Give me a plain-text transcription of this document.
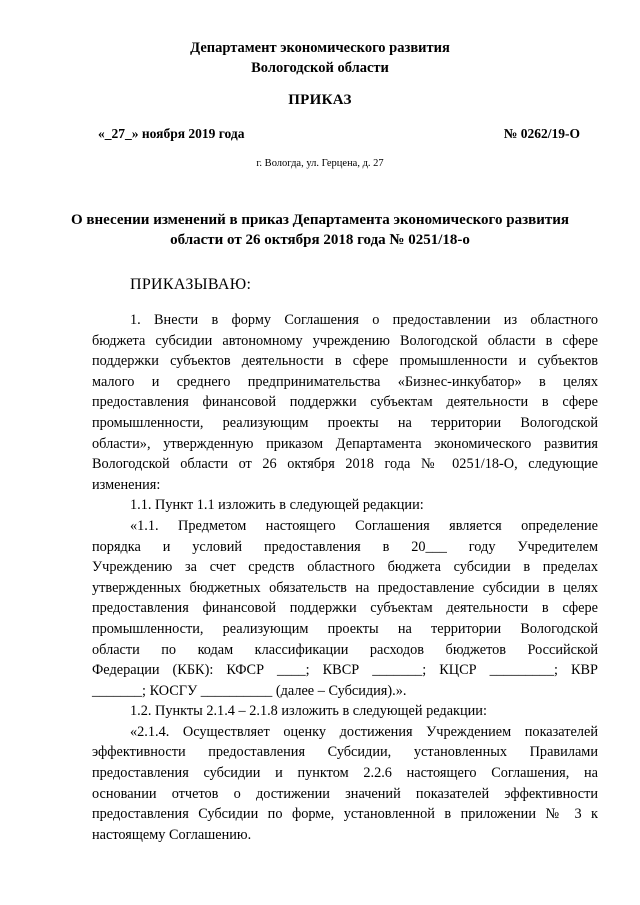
Департамент экономического развития
Вологодской области
ПРИКАЗ
«_27_» ноября 2019 года	№ 0262/19-О
г. Вологда, ул. Герцена, д. 27
О внесении изменений в приказ Департамента экономического развития
области от 26 октября 2018 года № 0251/18-о
ПРИКАЗЫВАЮ:
1. Внести в форму Соглашения о предоставлении из областного
бюджета субсидии автономному учреждению Вологодской области в сфере
поддержки субъектов деятельности в сфере промышленности и субъектов
малого и среднего предпринимательства «Бизнес-инкубатор» в целях
предоставления финансовой поддержки субъектам деятельности в сфере
промышленности, реализующим проекты на территории Вологодской
области», утвержденную приказом Департамента экономического развития
Вологодской области от 26 октября 2018 года № 0251/18-О, следующие
изменения:
1.1. Пункт 1.1 изложить в следующей редакции:
«1.1. Предметом настоящего Соглашения является определение
порядка и условий предоставления в 20___ году Учредителем
Учреждению за счет средств областного бюджета субсидии в пределах
утвержденных бюджетных обязательств на предоставление субсидии в целях
предоставления финансовой поддержки субъектам деятельности в сфере
промышленности, реализующим проекты на территории Вологодской
области по кодам классификации расходов бюджетов Российской
Федерации (КБК): КФСР ____; КВСР _______; КЦСР _________; КВР
_______; КОСГУ __________ (далее – Субсидия).».
1.2. Пункты 2.1.4 – 2.1.8 изложить в следующей редакции:
«2.1.4. Осуществляет оценку достижения Учреждением показателей
эффективности предоставления Субсидии, установленных Правилами
предоставления субсидии и пунктом 2.2.6 настоящего Соглашения, на
основании отчетов о достижении значений показателей эффективности
предоставления Субсидии по форме, установленной в приложении № 3 к
настоящему Соглашению.
